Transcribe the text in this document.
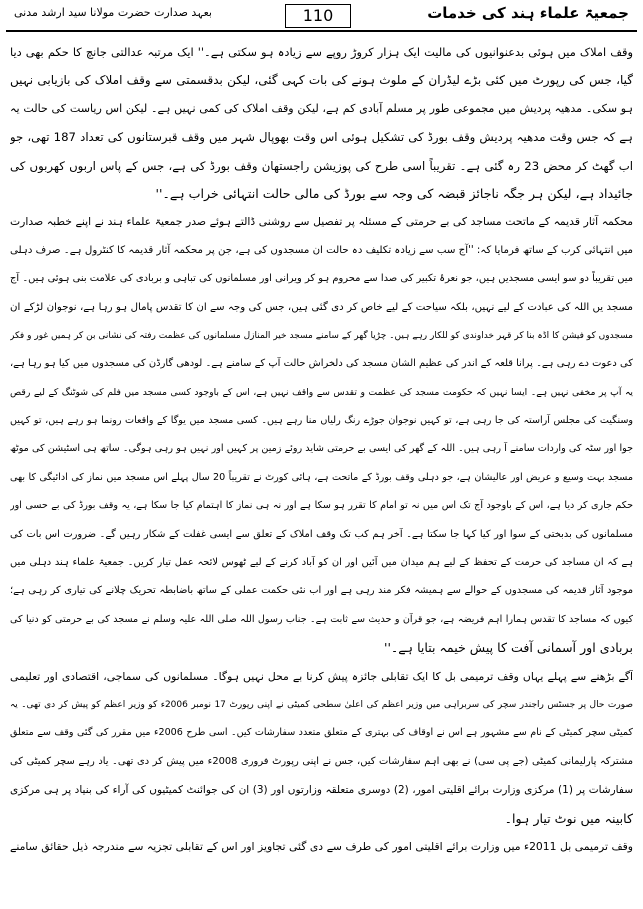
جمعیۃ علماء ہند کی خدمات
110
بعہد صدارت حضرت مولانا سید ارشد مدنی
وقف املاک میں ہوئی بدعنوانیوں کی مالیت ایک ہزار کروڑ روپے سے زیادہ ہو سکتی ہے۔'' ایک مرتبہ عدالتی جانچ کا حکم بھی دیا
گیا، جس کی رپورٹ میں کئی بڑے لیڈران کے ملوث ہونے کی بات کہی گئی، لیکن بدقسمتی سے وقف املاک کی بازیابی نہیں
ہو سکی۔ مدھیہ پردیش میں مجموعی طور پر مسلم آبادی کم ہے، لیکن وقف املاک کی کمی نہیں ہے۔ لیکن اس ریاست کی حالت یہ
ہے کہ جس وقت مدھیہ پردیش وقف بورڈ کی تشکیل ہوئی اس وقت بھوپال شہر میں وقف قبرستانوں کی تعداد 187 تھی، جو
اب گھٹ کر محض 23 رہ گئی ہے۔ تقریباً اسی طرح کی پوزیشن راجستھان وقف بورڈ کی ہے، جس کے پاس اربوں کھربوں کی
جائیداد ہے، لیکن ہر جگہ ناجائز قبضہ کی وجہ سے بورڈ کی مالی حالت انتہائی خراب ہے۔''
محکمہ آثار قدیمہ کے ماتحت مساجد کی بے حرمتی کے مسئلہ پر تفصیل سے روشنی ڈالتے ہوئے صدر جمعیۃ علماء ہند نے اپنے خطبہ صدارت
میں انتہائی کرب کے ساتھ فرمایا کہ: ''آج سب سے زیادہ تکلیف دہ حالت ان مسجدوں کی ہے، جن پر محکمہ آثار قدیمہ کا کنٹرول ہے۔ صرف دہلی
میں تقریباً دو سو ایسی مسجدیں ہیں، جو نعرۂ تکبیر کی صدا سے محروم ہو کر ویرانی اور مسلمانوں کی تباہی و بربادی کی علامت بنی ہوئی ہیں۔ آج
مسجد یں اللہ کی عبادت کے لیے نہیں، بلکہ سیاحت کے لیے خاص کر دی گئی ہیں، جس کی وجہ سے ان کا تقدس پامال ہو رہا ہے، نوجوان لڑکے ان
مسجدوں کو فیشن کا اڈہ بنا کر قہر خداوندی کو للکار رہے ہیں۔ چڑیا گھر کے سامنے مسجد خیر المنازل مسلمانوں کی عظمت رفتہ کی نشانی بن کر ہمیں غور و فکر
کی دعوت دے رہی ہے۔ پرانا قلعہ کے اندر کی عظیم الشان مسجد کی دلخراش حالت آپ کے سامنے ہے۔ لودھی گارڈن کی مسجدوں میں کیا ہو رہا ہے،
یہ آپ پر مخفی نہیں ہے۔ ایسا نہیں کہ حکومت مسجد کی عظمت و تقدس سے واقف نہیں ہے، اس کے باوجود کسی مسجد میں فلم کی شوٹنگ کے لیے رقص
وسنگیت کی مجلس آراستہ کی جا رہی ہے، تو کہیں نوجوان جوڑے رنگ رلیاں منا رہے ہیں۔ کسی مسجد میں یوگا کے واقعات رونما ہو رہے ہیں، تو کہیں
جوا اور سٹہ کی واردات سامنے آ رہی ہیں۔ اللہ کے گھر کی ایسی بے حرمتی شاید روئے زمین پر کہیں اور نہیں ہو رہی ہوگی۔ ساتھ ہی اسٹیشن کی موٹھ
مسجد بہت وسیع و عریض اور عالیشان ہے، جو دہلی وقف بورڈ کے ماتحت ہے، ہائی کورٹ نے تقریباً 20 سال پہلے اس مسجد میں نماز کی ادائیگی کا بھی
حکم جاری کر دیا ہے، اس کے باوجود آج تک اس میں نہ تو امام کا تقرر ہو سکا ہے اور نہ ہی نماز کا اہتمام کیا جا سکا ہے، یہ وقف بورڈ کی بے حسی اور
مسلمانوں کی بدبختی کے سوا اور کیا کہا جا سکتا ہے۔ آخر ہم کب تک وقف املاک کے تعلق سے ایسی غفلت کے شکار رہیں گے۔ ضرورت اس بات کی
ہے کہ ان مساجد کی حرمت کے تحفظ کے لیے ہم میدان میں آئیں اور ان کو آباد کرنے کے لیے ٹھوس لائحہ عمل تیار کریں۔ جمعیۃ علماء ہند دہلی میں
موجود آثار قدیمہ کی مسجدوں کے حوالے سے ہمیشہ فکر مند رہی ہے اور اب نئی حکمت عملی کے ساتھ باضابطہ تحریک چلانے کی تیاری کر رہی ہے؛
کیوں کہ مساجد کا تقدس ہمارا اہم فریضہ ہے، جو قرآن و حدیث سے ثابت ہے۔ جناب رسول اللہ صلی اللہ علیہ وسلم نے مسجد کی بے حرمتی کو دنیا کی
بربادی اور آسمانی آفت کا پیش خیمہ بتایا ہے۔''
آگے بڑھنے سے پہلے یہاں وقف ترمیمی بل کا ایک تقابلی جائزہ پیش کرنا بے محل نہیں ہوگا۔ مسلمانوں کی سماجی، اقتصادی اور تعلیمی
صورت حال پر جسٹس راجندر سچر کی سربراہی میں وزیر اعظم کی اعلیٰ سطحی کمیٹی نے اپنی رپورٹ 17 نومبر 2006ء کو وزیر اعظم کو پیش کر دی تھی۔ یہ
کمیٹی سچر کمیٹی کے نام سے مشہور ہے اس نے اوقاف کی بہتری کے متعلق متعدد سفارشات کیں۔ اسی طرح 2006ء میں مقرر کی گئی وقف سے متعلق
مشترکہ پارلیمانی کمیٹی (جے پی سی) نے بھی اہم سفارشات کیں، جس نے اپنی رپورٹ فروری 2008ء میں پیش کر دی تھی۔ یاد رہے سچر کمیٹی کی
سفارشات پر (1) مرکزی وزارت برائے اقلیتی امور، (2) دوسری متعلقہ وزارتوں اور (3) ان کی جوائنٹ کمیٹیوں کی آراء کی بنیاد پر ہی مرکزی
کابینہ میں نوٹ تیار ہوا۔
وقف ترمیمی بل 2011ء میں وزارت برائے اقلیتی امور کی طرف سے دی گئی تجاویز اور اس کے تقابلی تجزیہ سے مندرجہ ذیل حقائق سامنے
